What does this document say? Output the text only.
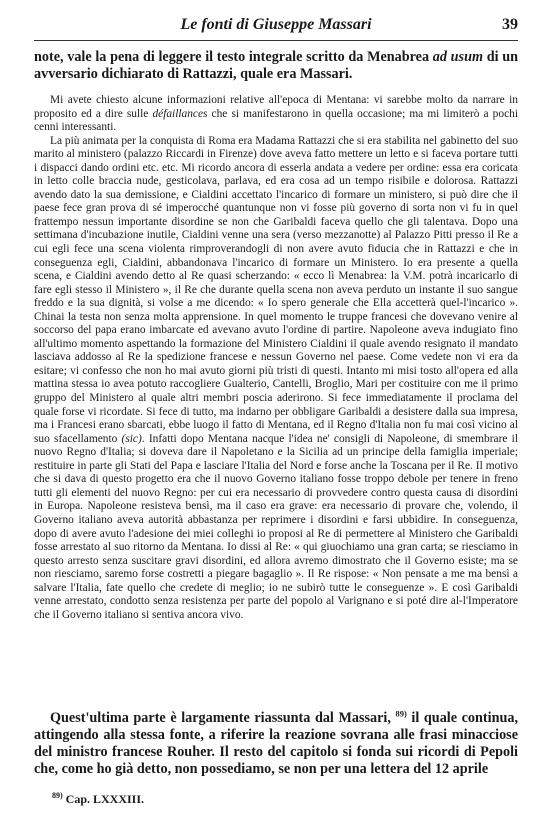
Le fonti di Giuseppe Massari	39
note, vale la pena di leggere il testo integrale scritto da Menabrea ad usum di un avversario dichiarato di Rattazzi, quale era Massari.

Mi avete chiesto alcune informazioni relative all'epoca di Mentana: vi sarebbe molto da narrare in proposito ed a dire sulle défaillances che si manifestarono in quella occasione; ma mi limiterò a pochi cenni interessanti.

La più animata per la conquista di Roma era Madama Rattazzi che si era stabilita nel gabinetto del suo marito al ministero (palazzo Riccardi in Firenze) dove aveva fatto mettere un letto e si faceva portare tutti i dispacci dando ordini etc. etc. Mi ricordo ancora di esserla andata a vedere per ordine: essa era coricata in letto colle braccia nude, gesticolava, parlava, ed era cosa ad un tempo risibile e dolorosa. Rattazzi avendo dato la sua demissione, e Cialdini accettato l'incarico di formare un ministero, si può dire che il paese fece gran prova di sé imperocché quantunque non vi fosse più governo di sorta non vi fu in quel frattempo nessun importante disordine se non che Garibaldi faceva quello che gli talentava. Dopo una settimana d'incubazione inutile, Cialdini venne una sera (verso mezzanotte) al Palazzo Pitti presso il Re a cui egli fece una scena violenta rimproverandogli di non avere avuto fiducia che in Rattazzi e che in conseguenza egli, Cialdini, abbandonava l'incarico di formare un Ministero. Io era presente a quella scena, e Cialdini avendo detto al Re quasi scherzando: « ecco lì Menabrea: la V.M. potrà incaricarlo di fare egli stesso il Ministero », il Re che durante quella scena non aveva perduto un instante il suo sangue freddo e la sua dignità, si volse a me dicendo: « Io spero generale che Ella accetterà quel-l'incarico ». Chinai la testa non senza molta apprensione. In quel momento le truppe francesi che dovevano venire al soccorso del papa erano imbarcate ed avevano avuto l'ordine di partire. Napoleone aveva indugiato fino all'ultimo momento aspettando la formazione del Ministero Cialdini il quale avendo resignato il mandato lasciava addosso al Re la spedizione francese e nessun Governo nel paese. Come vedete non vi era da esitare; vi confesso che non ho mai avuto giorni più tristi di questi. Intanto mi misi tosto all'opera ed alla mattina stessa io avea potuto raccogliere Gualterio, Cantelli, Broglio, Mari per costituire con me il primo gruppo del Ministero al quale altri membri poscia aderirono. Si fece immediatamente il proclama del quale forse vi ricordate. Si fece di tutto, ma indarno per obbligare Garibaldi a desistere dalla sua impresa, ma i Francesi erano sbarcati, ebbe luogo il fatto di Mentana, ed il Regno d'Italia non fu mai così vicino al suo sfacellamento (sic). Infatti dopo Mentana nacque l'idea ne' consigli di Napoleone, di smembrare il nuovo Regno d'Italia; si doveva dare il Napoletano e la Sicilia ad un principe della famiglia imperiale; restituire in parte gli Stati del Papa e lasciare l'Italia del Nord e forse anche la Toscana per il Re. Il motivo che si dava di questo progetto era che il nuovo Governo italiano fosse troppo debole per tenere in freno tutti gli elementi del nuovo Regno: per cui era necessario di provvedere contro questa causa di disordini in Europa. Napoleone resisteva bensì, ma il caso era grave: era necessario di provare che, volendo, il Governo italiano aveva autorità abbastanza per reprimere i disordini e farsi ubbidire. In conseguenza, dopo di avere avuto l'adesione dei miei colleghi io proposi al Re di permettere al Ministero che Garibaldi fosse arrestato al suo ritorno da Mentana. Io dissi al Re: « qui giuochiamo una gran carta; se riesciamo in questo arresto senza suscitare gravi disordini, ed allora avremo dimostrato che il Governo esiste; ma se non riesciamo, saremo forse costretti a piegare bagaglio ». Il Re rispose: « Non pensate a me ma bensì a salvare l'Italia, fate quello che credete di meglio; io ne subirò tutte le conseguenze ». E così Garibaldi venne arrestato, condotto senza resistenza per parte del popolo al Varignano e si poté dire al-l'Imperatore che il Governo italiano si sentiva ancora vivo.

Quest'ultima parte è largamente riassunta dal Massari, $^{89)}$ il quale continua, attingendo alla stessa fonte, a riferire la reazione sovrana alle frasi minacciose del ministro francese Rouher. Il resto del capitolo si fonda sui ricordi di Pepoli che, come ho già detto, non possediamo, se non per una lettera del 12 aprile

$^{89)}$ Cap. LXXXIII.
